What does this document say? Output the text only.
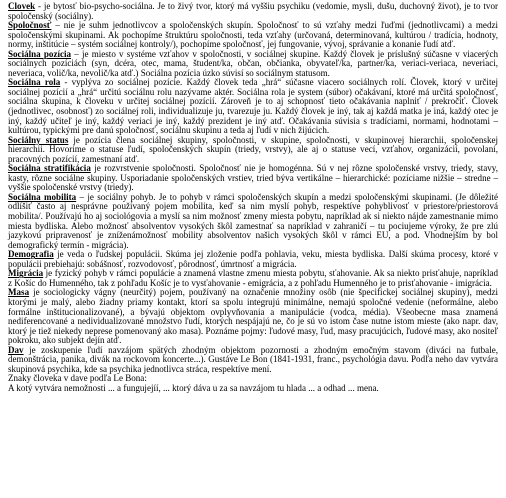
Clovek - je bytosť bio-psycho-sociálna. Je to živý tvor, ktorý má vyššiu psychiku (vedomie, mysli, dušu, duchovný život), je to tvor spoločenský (sociálny).

Spoločnosť – nie je suhm jednotlivcov a spoločenských skupín. Spoločnosť to sú vzťahy medzi ľuďmi (jednotlivcami) a medzi spoločenskými skupinami. Ak pochopíme štruktúru spoločnosti, teda vzťahy (určovaná, determinovaná, kultúrou / tradícia, hodnoty, normy, inštitúcie – systém sociálnej kontroly/), pochopíme spoločnosť, jej fungovanie, vývoj, správanie a konanie ľudí atď.

Sociálna pozícia – je miesto v systéme vzťahov v spoločnosti, v sociálnej skupine. Každý človek je príslušný súčasne v viacerých sociálnych pozíciách (syn, dcéra, otec, mama, študent/ka, občan, občianka, obyvateľ/ka, partner/ka, veriaci-veriaca, neveriaci, neveriaca, volič/ka, nevolič/ka atď.) Sociálna pozícia úzko súvisí so sociálnym statusom.

Sociálna rola - vyplýva zo sociálnej pozície. Každý človek teda „hrá“ súčasne viacero sociálnych rolí. Človek, ktorý v určitej sociálnej pozícií a „hrá“ určitú sociálnu rolu nazývame aktér. Sociálna rola je system (súbor) očakávaní, ktoré má určitá spoločnosť, sociálna skupina, k človeku v určitej sociálnej pozícií. Zároveň je to aj schopnosť tieto očakávania naplniť / prekročiť. Človek (jednotlivec, osobnosť) zo sociálnej roli, individualizuje ju, tvarezuje ju. Každý človek je iný, tak aj každá matka je iná, každý otec je iný, každý učiteľ je iný, každý veriaci je iný, každý prezident je iný atď. Očakávania súvisia s tradíciami, normami, hodnotami – kultúrou, typickými pre danú spoločnosť, sociálnu skupinu a teda aj ľudí v nich žijúcich.

Sociálny status je pozícia člena sociálnej skupiny, spoločnosti, v skupine, spoločnosti, v skupinovej hierarchii, spoločenskej hierarchii. Hovoríme o statuse ľudí, spoločenských skupín (triedy, vrstvy), ale aj o statuse vecí, vzťahov, organizácií, povolaní, pracovných pozícií, zamestnaní atď.

Sociálna stratifikácia je rozvrstvenie spoločnosti. Spoločnosť nie je homogénna. Sú v nej rôzne spoločenské vrstvy, triedy, stavy, kasty, rôzne sociálne skupiny. Usporiadanie spoločenských vrstiev, tried býva vertikálne – hierarchické: pozíciame nižšie – stredne – vyššie spoločenské vrstvy (triedy).

Sociálna mobilita – je sociálny pohyb. Je to pohyb v rámci spoločenských skupín a medzi spoločenskými skupinami. (Je dôležité odlíšiť často aj nesprávne používaný pojem mobilita, keď sa nim myslí pohyb, respektíve pohyblivosť v priestore/priestorová mobilita/. Používajú ho aj sociológovia a myslí sa nim možnosť zmeny miesta pobytu, napríklad ak si niekto nájde zamestnanie mimo miesta bydliska. Alebo možnosť absolventov vysokých škôl zamestnať sa napríklad v zahraničí – tu pociujeme výroky, že pre zlú jazykovú pripravenosť je zníženámožnosť mobility absolventov našich vysokých škôl v rámci EU, a pod. Vhodnejším by bol demografický termín - migrácia).

Demografia je veda o ľudskej populácii. Skúma jej zloženie podľa pohlavia, veku, miesta bydliska. Další skúma procesy, ktoré v populácii prebiehajú: sobášnosť, rozvodovosť, pôrodnosť, úmrtnosť a migrácia.

Migrácia je fyzický pohyb v rámci populácie a znamená vlastne zmenu miesta pobytu, sťahovanie. Ak sa niekto prisťahuje, napríklad z Košíc do Humenného, tak z pohľadu Košíc je to vysťahovanie - emigrácia, a z pohľadu Humenného je to prisťahovanie - imigrácia.

Masa je sociologicky vágny (neurčitý) pojem, používaný na označenie množiny osôb (nie špecifickej sociálnej skupiny), medzi ktorými je malý, alebo žiadny priamy kontakt, ktorí sa spolu integrujú minimálne, nemajú spoločné vedenie (neformálne, alebo formálne inštitucionalizované), a bývajú objektom ovplyvňovania a manipulácie (vodca, média). Všeobecne masa znamená nediferencované a nedividualizované množstvo ľudí, ktorých nespájajú ne, čo je sú vo istom čase nutne istom mieste (ako napr. dav, ktorý je tiež niekedy neprese pomenovaný ako masa). Poznáme pojmy: ľudové masy, ľud, masy pracujúcich, ľudové masy, ako nositeľ pokroku, ako subjekt dejín atď.

Dav je zoskupenie ľudí navzájom spätých zhodným objektom pozornosti a zhodným emočným stavom (diváci na futbale, demonštrácia, panika, divák na rockovom koncerte...). Gustáve Le Bon (1841-1931, franc., psychológia davu. Podľa neho dav vytvára skupinová psychika, kde sa psychika jednotlivca stráca, respektíve mení.

Znaky človeka v dave podľa Le Bona:

A kotý vytvára nemožnosti ... a fungujejíí, ... ktorý dáva u za sa navzájom tu hlada ... a odhad ... mena.
